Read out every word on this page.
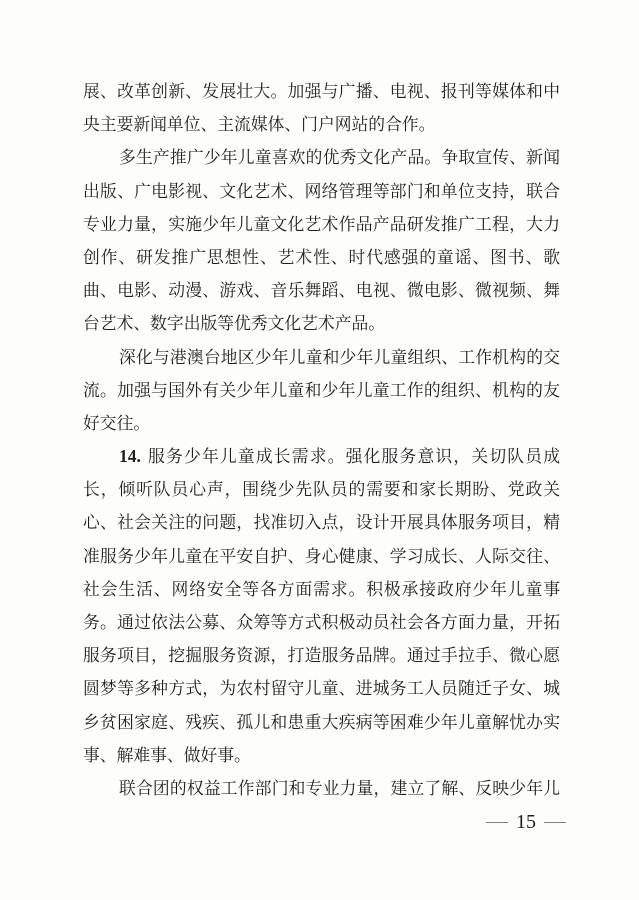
展、改革创新、发展壮大。加强与广播、电视、报刊等媒体和中
央主要新闻单位、主流媒体、门户网站的合作。
多生产推广少年儿童喜欢的优秀文化产品。争取宣传、新闻
出版、广电影视、文化艺术、网络管理等部门和单位支持，联合
专业力量，实施少年儿童文化艺术作品产品研发推广工程，大力
创作、研发推广思想性、艺术性、时代感强的童谣、图书、歌
曲、电影、动漫、游戏、音乐舞蹈、电视、微电影、微视频、舞
台艺术、数字出版等优秀文化艺术产品。
深化与港澳台地区少年儿童和少年儿童组织、工作机构的交
流。加强与国外有关少年儿童和少年儿童工作的组织、机构的友
好交往。
14. 服务少年儿童成长需求。强化服务意识，关切队员成
长，倾听队员心声，围绕少先队员的需要和家长期盼、党政关
心、社会关注的问题，找准切入点，设计开展具体服务项目，精
准服务少年儿童在平安自护、身心健康、学习成长、人际交往、
社会生活、网络安全等各方面需求。积极承接政府少年儿童事
务。通过依法公募、众筹等方式积极动员社会各方面力量，开拓
服务项目，挖掘服务资源，打造服务品牌。通过手拉手、微心愿
圆梦等多种方式，为农村留守儿童、进城务工人员随迁子女、城
乡贫困家庭、残疾、孤儿和患重大疾病等困难少年儿童解忧办实
事、解难事、做好事。
联合团的权益工作部门和专业力量，建立了解、反映少年儿
15
